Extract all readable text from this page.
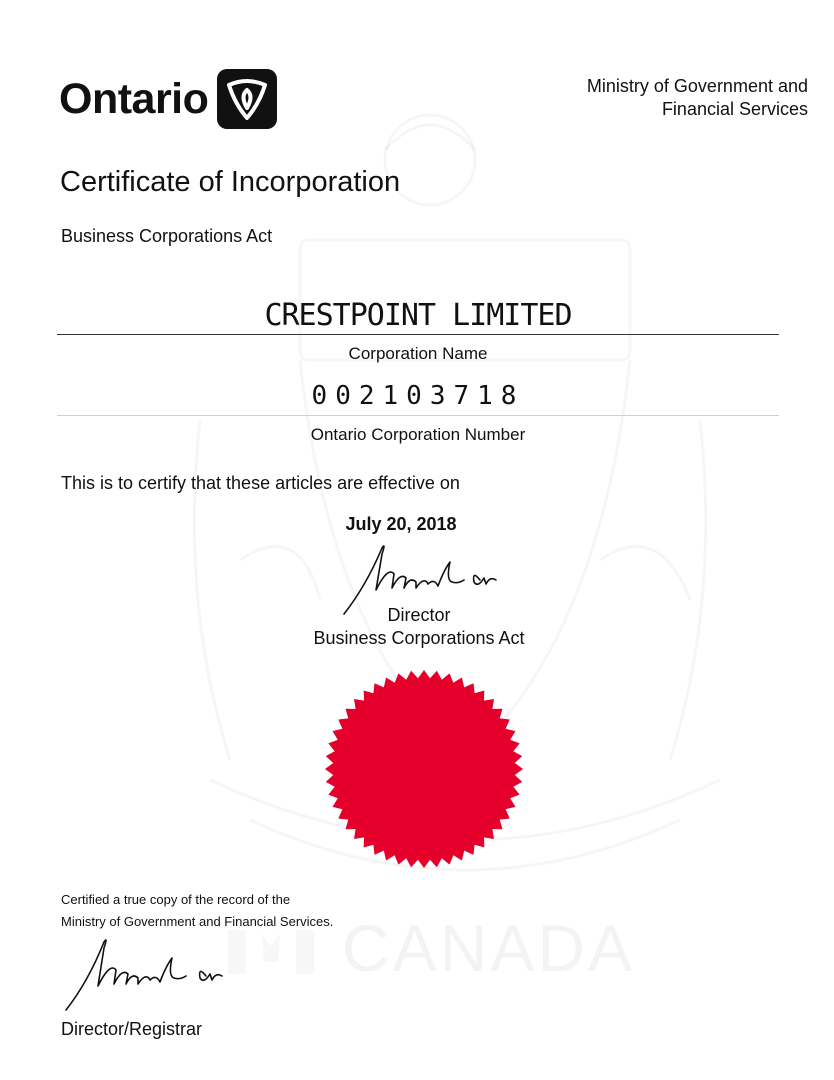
Ontario	Ministry of Government and
Financial Services
Certificate of Incorporation
Business Corporations Act
CRESTPOINT LIMITED
Corporation Name
002103718
Ontario Corporation Number
This is to certify that these articles are effective on
July 20, 2018
Director
Business Corporations Act
Certified a true copy of the record of the
Ministry of Government and Financial Services.
Director/Registrar
